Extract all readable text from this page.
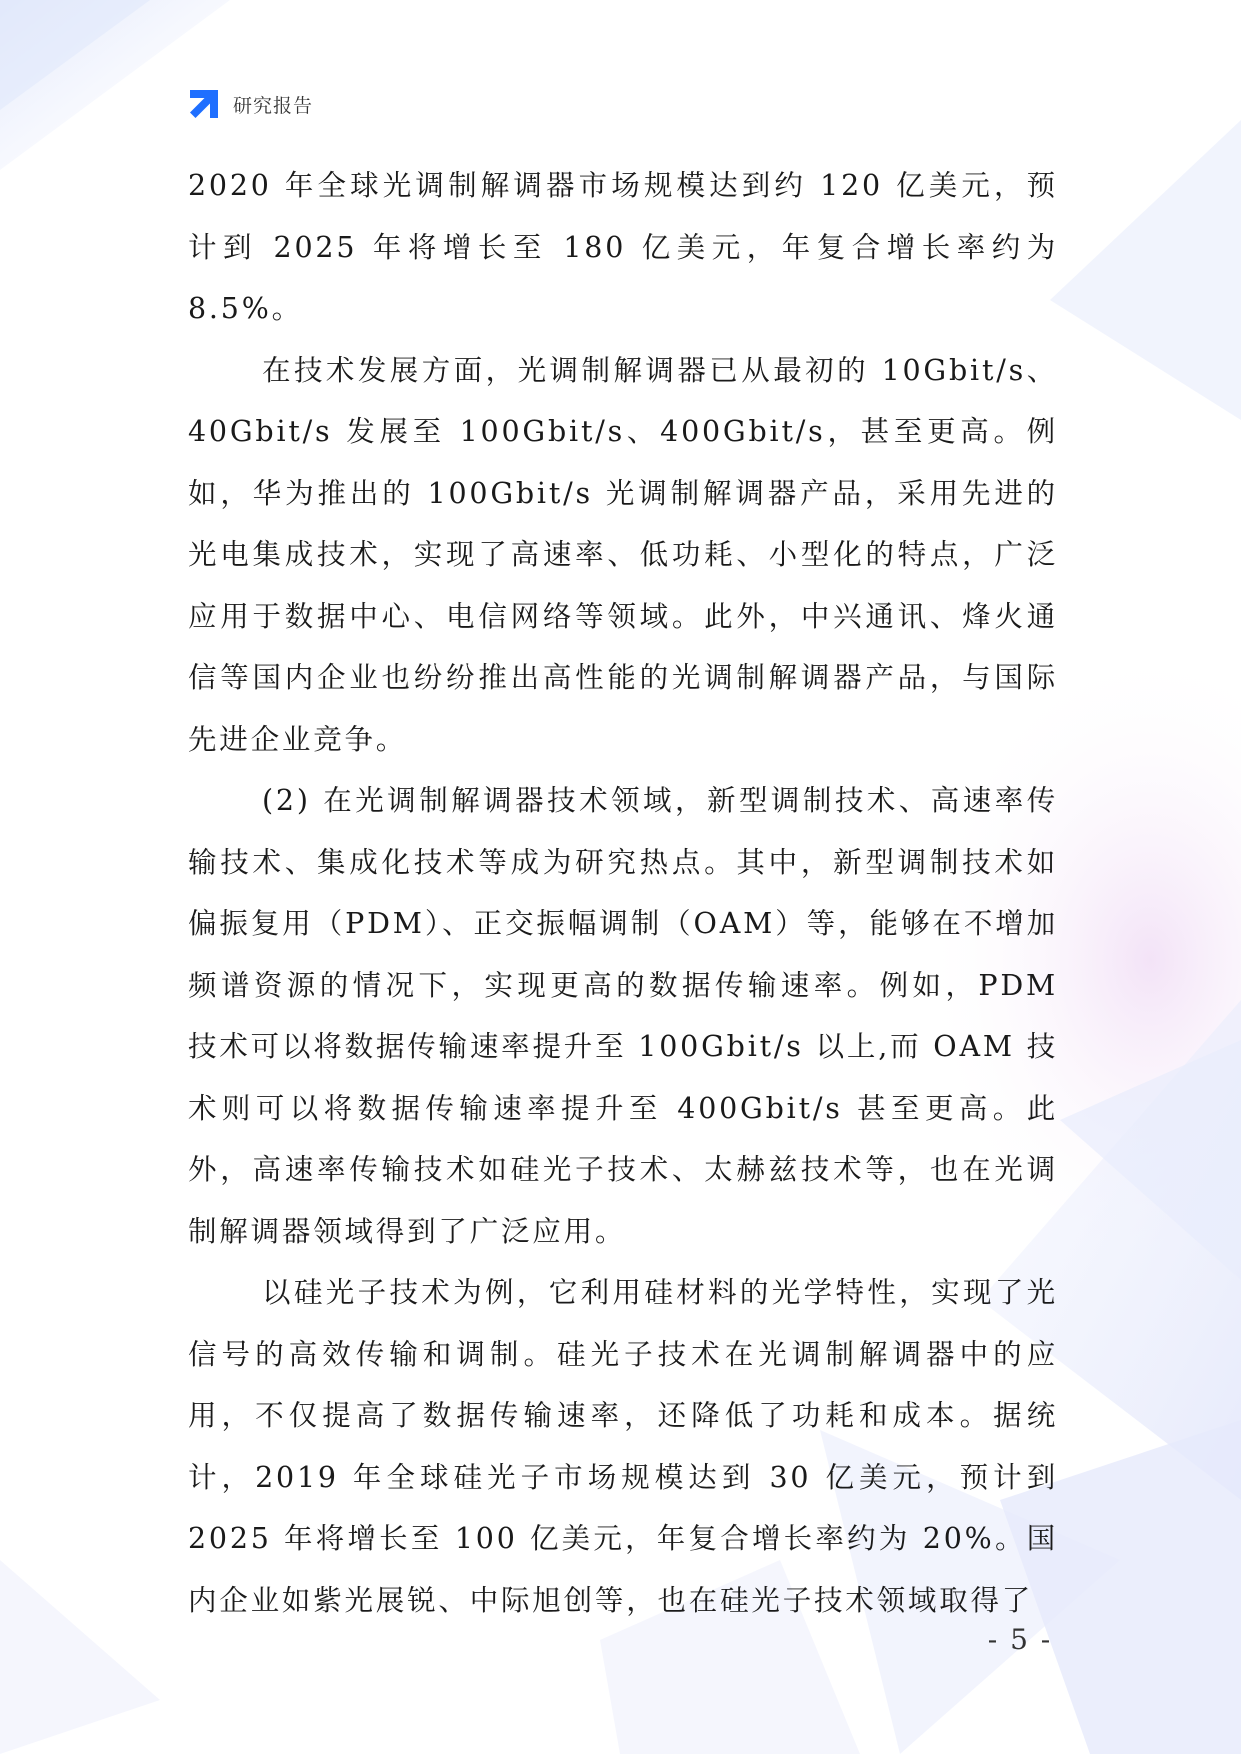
研究报告

2020 年全球光调制解调器市场规模达到约 120 亿美元，预计到 2025 年将增长至 180 亿美元，年复合增长率约为 8.5%。

在技术发展方面，光调制解调器已从最初的 10Gbit/s、40Gbit/s 发展至 100Gbit/s、400Gbit/s，甚至更高。例如，华为推出的 100Gbit/s 光调制解调器产品，采用先进的光电集成技术，实现了高速率、低功耗、小型化的特点，广泛应用于数据中心、电信网络等领域。此外，中兴通讯、烽火通信等国内企业也纷纷推出高性能的光调制解调器产品，与国际先进企业竞争。

(2) 在光调制解调器技术领域，新型调制技术、高速率传输技术、集成化技术等成为研究热点。其中，新型调制技术如偏振复用（PDM）、正交振幅调制（OAM）等，能够在不增加频谱资源的情况下，实现更高的数据传输速率。例如，PDM 技术可以将数据传输速率提升至 100Gbit/s 以上,而 OAM 技术则可以将数据传输速率提升至 400Gbit/s 甚至更高。此外，高速率传输技术如硅光子技术、太赫兹技术等，也在光调制解调器领域得到了广泛应用。

以硅光子技术为例，它利用硅材料的光学特性，实现了光信号的高效传输和调制。硅光子技术在光调制解调器中的应用，不仅提高了数据传输速率，还降低了功耗和成本。据统计，2019 年全球硅光子市场规模达到 30 亿美元，预计到 2025 年将增长至 100 亿美元，年复合增长率约为 20%。国内企业如紫光展锐、中际旭创等，也在硅光子技术领域取得了

- 5 -
